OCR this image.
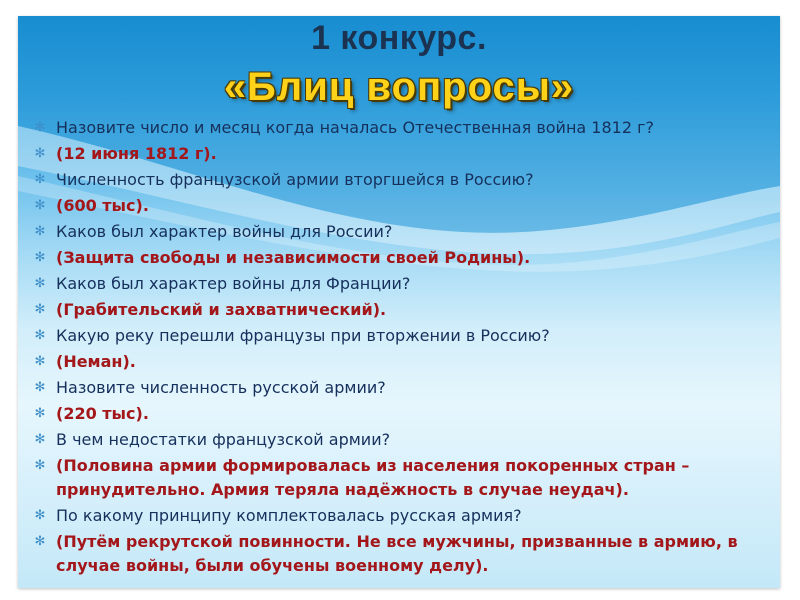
1 конкурс.
«Блиц вопросы»
✻ Назовите число и месяц когда началась Отечественная война 1812 г?
✻ (12 июня 1812 г).
✻ Численность французской армии вторгшейся в Россию?
✻ (600 тыс).
✻ Каков был характер войны для России?
✻ (Защита свободы и независимости своей Родины).
✻ Каков был характер войны для Франции?
✻ (Грабительский и захватнический).
✻ Какую реку перешли французы при вторжении в Россию?
✻ (Неман).
✻ Назовите численность русской армии?
✻ (220 тыс).
✻ В чем недостатки французской армии?
✻ (Половина армии формировалась из населения покоренных стран – принудительно. Армия теряла надёжность в случае неудач).
✻ По какому принципу комплектовалась русская армия?
✻ (Путём рекрутской повинности. Не все мужчины, призванные в армию, в случае войны, были обучены военному делу).
